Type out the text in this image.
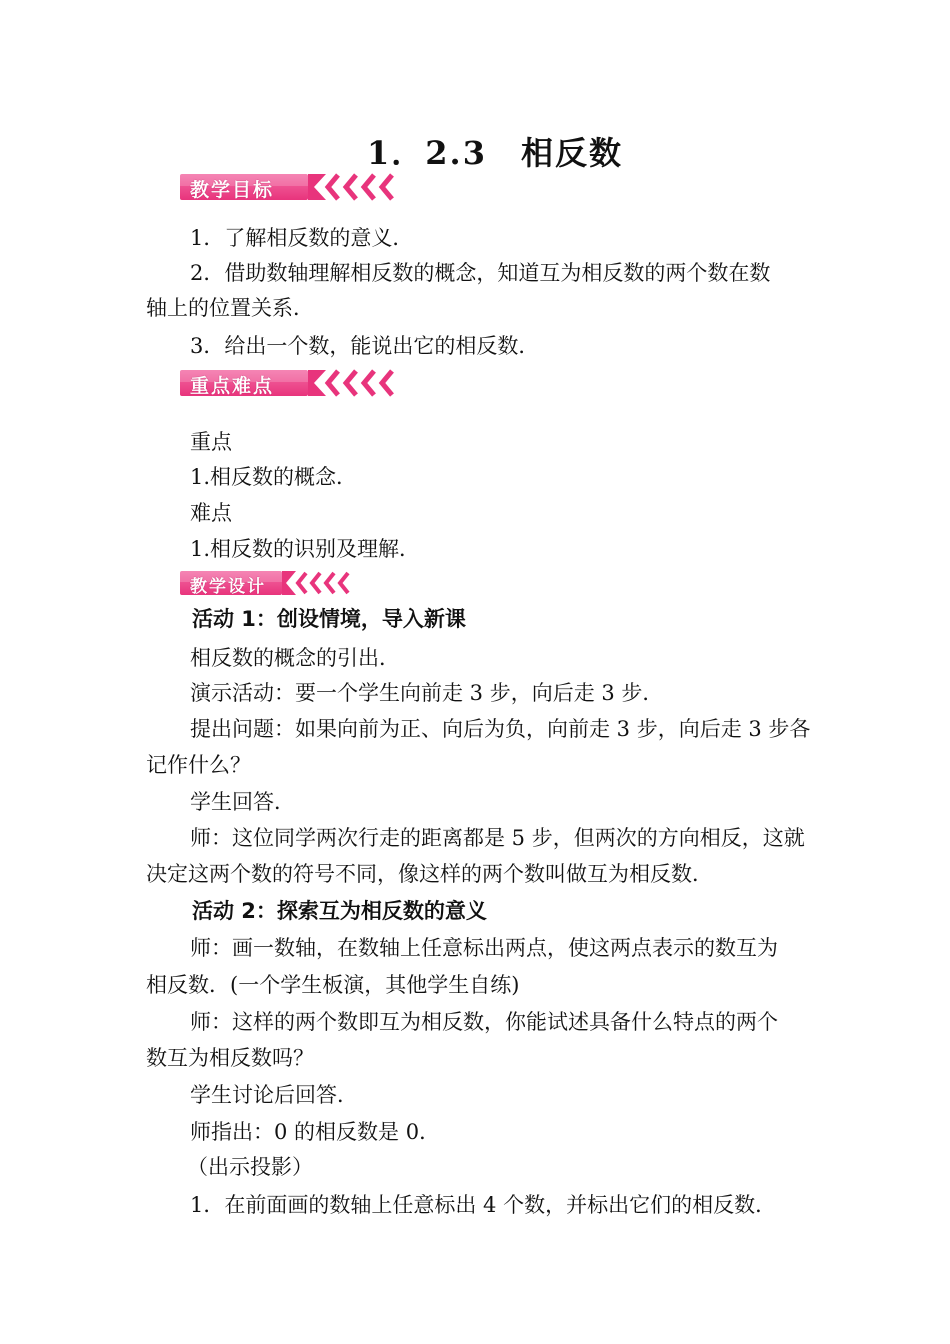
1．2.3　相反数
教学目标
1．了解相反数的意义．
2．借助数轴理解相反数的概念，知道互为相反数的两个数在数
轴上的位置关系．
3．给出一个数，能说出它的相反数．
重点难点
重点
1.相反数的概念．
难点
1.相反数的识别及理解．
教学设计
活动 1：创设情境，导入新课
相反数的概念的引出．
演示活动：要一个学生向前走 3 步，向后走 3 步．
提出问题：如果向前为正、向后为负，向前走 3 步，向后走 3 步各
记作什么？
学生回答．
师：这位同学两次行走的距离都是 5 步，但两次的方向相反，这就
决定这两个数的符号不同，像这样的两个数叫做互为相反数．
活动 2：探索互为相反数的意义
师：画一数轴，在数轴上任意标出两点，使这两点表示的数互为
相反数．(一个学生板演，其他学生自练)
师：这样的两个数即互为相反数，你能试述具备什么特点的两个
数互为相反数吗？
学生讨论后回答．
师指出：0 的相反数是 0．
（出示投影）
1．在前面画的数轴上任意标出 4 个数，并标出它们的相反数．
